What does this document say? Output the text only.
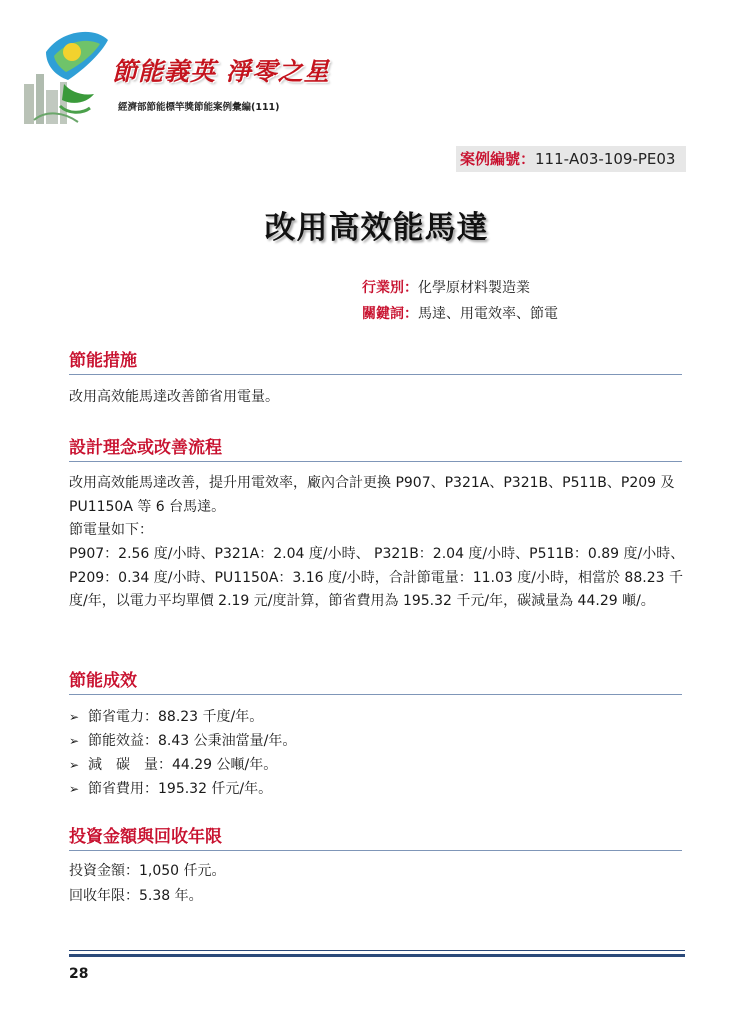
節能義英 淨零之星
經濟部節能標竿獎節能案例彙編(111)
案例編號：111-A03-109-PE03
改用高效能馬達
行業別：化學原材料製造業
關鍵詞：馬達、用電效率、節電
節能措施

改用高效能馬達改善節省用電量。

設計理念或改善流程

改用高效能馬達改善，提升用電效率，廠內合計更換 P907、P321A、P321B、P511B、P209 及 PU1150A 等 6 台馬達。

節電量如下：

P907：2.56 度/小時、P321A：2.04 度/小時、 P321B：2.04 度/小時、P511B：0.89 度/小時、P209：0.34 度/小時、PU1150A：3.16 度/小時，合計節電量：11.03 度/小時，相當於 88.23 千度/年，以電力平均單價 2.19 元/度計算，節省費用為 195.32 千元/年，碳減量為 44.29 噸/。

節能成效
➢ 節省電力：88.23 千度/年。
➢ 節能效益：8.43 公秉油當量/年。
➢ 減　碳　量：44.29 公噸/年。
➢ 節省費用：195.32 仟元/年。
投資金額與回收年限

投資金額：1,050 仟元。

回收年限：5.38 年。

28
